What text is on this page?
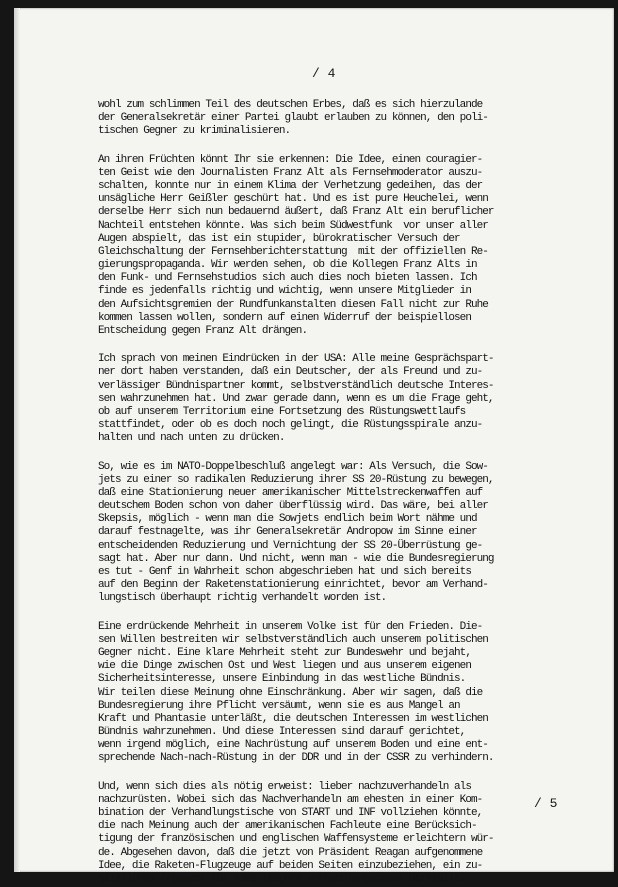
/ 4
wohl zum schlimmen Teil des deutschen Erbes, daß es sich hierzulande
der Generalsekretär einer Partei glaubt erlauben zu können, den poli-
tischen Gegner zu kriminalisieren.
An ihren Früchten könnt Ihr sie erkennen: Die Idee, einen couragier-
ten Geist wie den Journalisten Franz Alt als Fernsehmoderator auszu-
schalten, konnte nur in einem Klima der Verhetzung gedeihen, das der
unsägliche Herr Geißler geschürt hat. Und es ist pure Heuchelei, wenn
derselbe Herr sich nun bedauernd äußert, daß Franz Alt ein beruflicher
Nachteil entstehen könnte. Was sich beim Südwestfunk  vor unser aller
Augen abspielt, das ist ein stupider, bürokratischer Versuch der
Gleichschaltung der Fernsehberichterstattung  mit der offiziellen Re-
gierungspropaganda. Wir werden sehen, ob die Kollegen Franz Alts in
den Funk- und Fernsehstudios sich auch dies noch bieten lassen. Ich
finde es jedenfalls richtig und wichtig, wenn unsere Mitglieder in
den Aufsichtsgremien der Rundfunkanstalten diesen Fall nicht zur Ruhe
kommen lassen wollen, sondern auf einen Widerruf der beispiellosen
Entscheidung gegen Franz Alt drängen.
Ich sprach von meinen Eindrücken in der USA: Alle meine Gesprächspart-
ner dort haben verstanden, daß ein Deutscher, der als Freund und zu-
verlässiger Bündnispartner kommt, selbstverständlich deutsche Interes-
sen wahrzunehmen hat. Und zwar gerade dann, wenn es um die Frage geht,
ob auf unserem Territorium eine Fortsetzung des Rüstungswettlaufs
stattfindet, oder ob es doch noch gelingt, die Rüstungsspirale anzu-
halten und nach unten zu drücken.
So, wie es im NATO-Doppelbeschluß angelegt war: Als Versuch, die Sow-
jets zu einer so radikalen Reduzierung ihrer SS 20-Rüstung zu bewegen,
daß eine Stationierung neuer amerikanischer Mittelstreckenwaffen auf
deutschem Boden schon von daher überflüssig wird. Das wäre, bei aller
Skepsis, möglich - wenn man die Sowjets endlich beim Wort nähme und
darauf festnagelte, was ihr Generalsekretär Andropow im Sinne einer
entscheidenden Reduzierung und Vernichtung der SS 20-Überrüstung ge-
sagt hat. Aber nur dann. Und nicht, wenn man - wie die Bundesregierung
es tut - Genf in Wahrheit schon abgeschrieben hat und sich bereits
auf den Beginn der Raketenstationierung einrichtet, bevor am Verhand-
lungstisch überhaupt richtig verhandelt worden ist.
Eine erdrückende Mehrheit in unserem Volke ist für den Frieden. Die-
sen Willen bestreiten wir selbstverständlich auch unserem politischen
Gegner nicht. Eine klare Mehrheit steht zur Bundeswehr und bejaht,
wie die Dinge zwischen Ost und West liegen und aus unserem eigenen
Sicherheitsinteresse, unsere Einbindung in das westliche Bündnis.
Wir teilen diese Meinung ohne Einschränkung. Aber wir sagen, daß die
Bundesregierung ihre Pflicht versäumt, wenn sie es aus Mangel an
Kraft und Phantasie unterläßt, die deutschen Interessen im westlichen
Bündnis wahrzunehmen. Und diese Interessen sind darauf gerichtet,
wenn irgend möglich, eine Nachrüstung auf unserem Boden und eine ent-
sprechende Nach-nach-Rüstung in der DDR und in der CSSR zu verhindern.
Und, wenn sich dies als nötig erweist: lieber nachzuverhandeln als
nachzurüsten. Wobei sich das Nachverhandeln am ehesten in einer Kom-
bination der Verhandlungstische von START und INF vollziehen könnte,
die nach Meinung auch der amerikanischen Fachleute eine Berücksich-
tigung der französischen und englischen Waffensysteme erleichtern wür-
de. Abgesehen davon, daß die jetzt von Präsident Reagan aufgenommene
Idee, die Raketen-Flugzeuge auf beiden Seiten einzubeziehen, ein zu-
sätzliches Argument für eine längere Verhandlungsdauer darstellt.
/ 5
